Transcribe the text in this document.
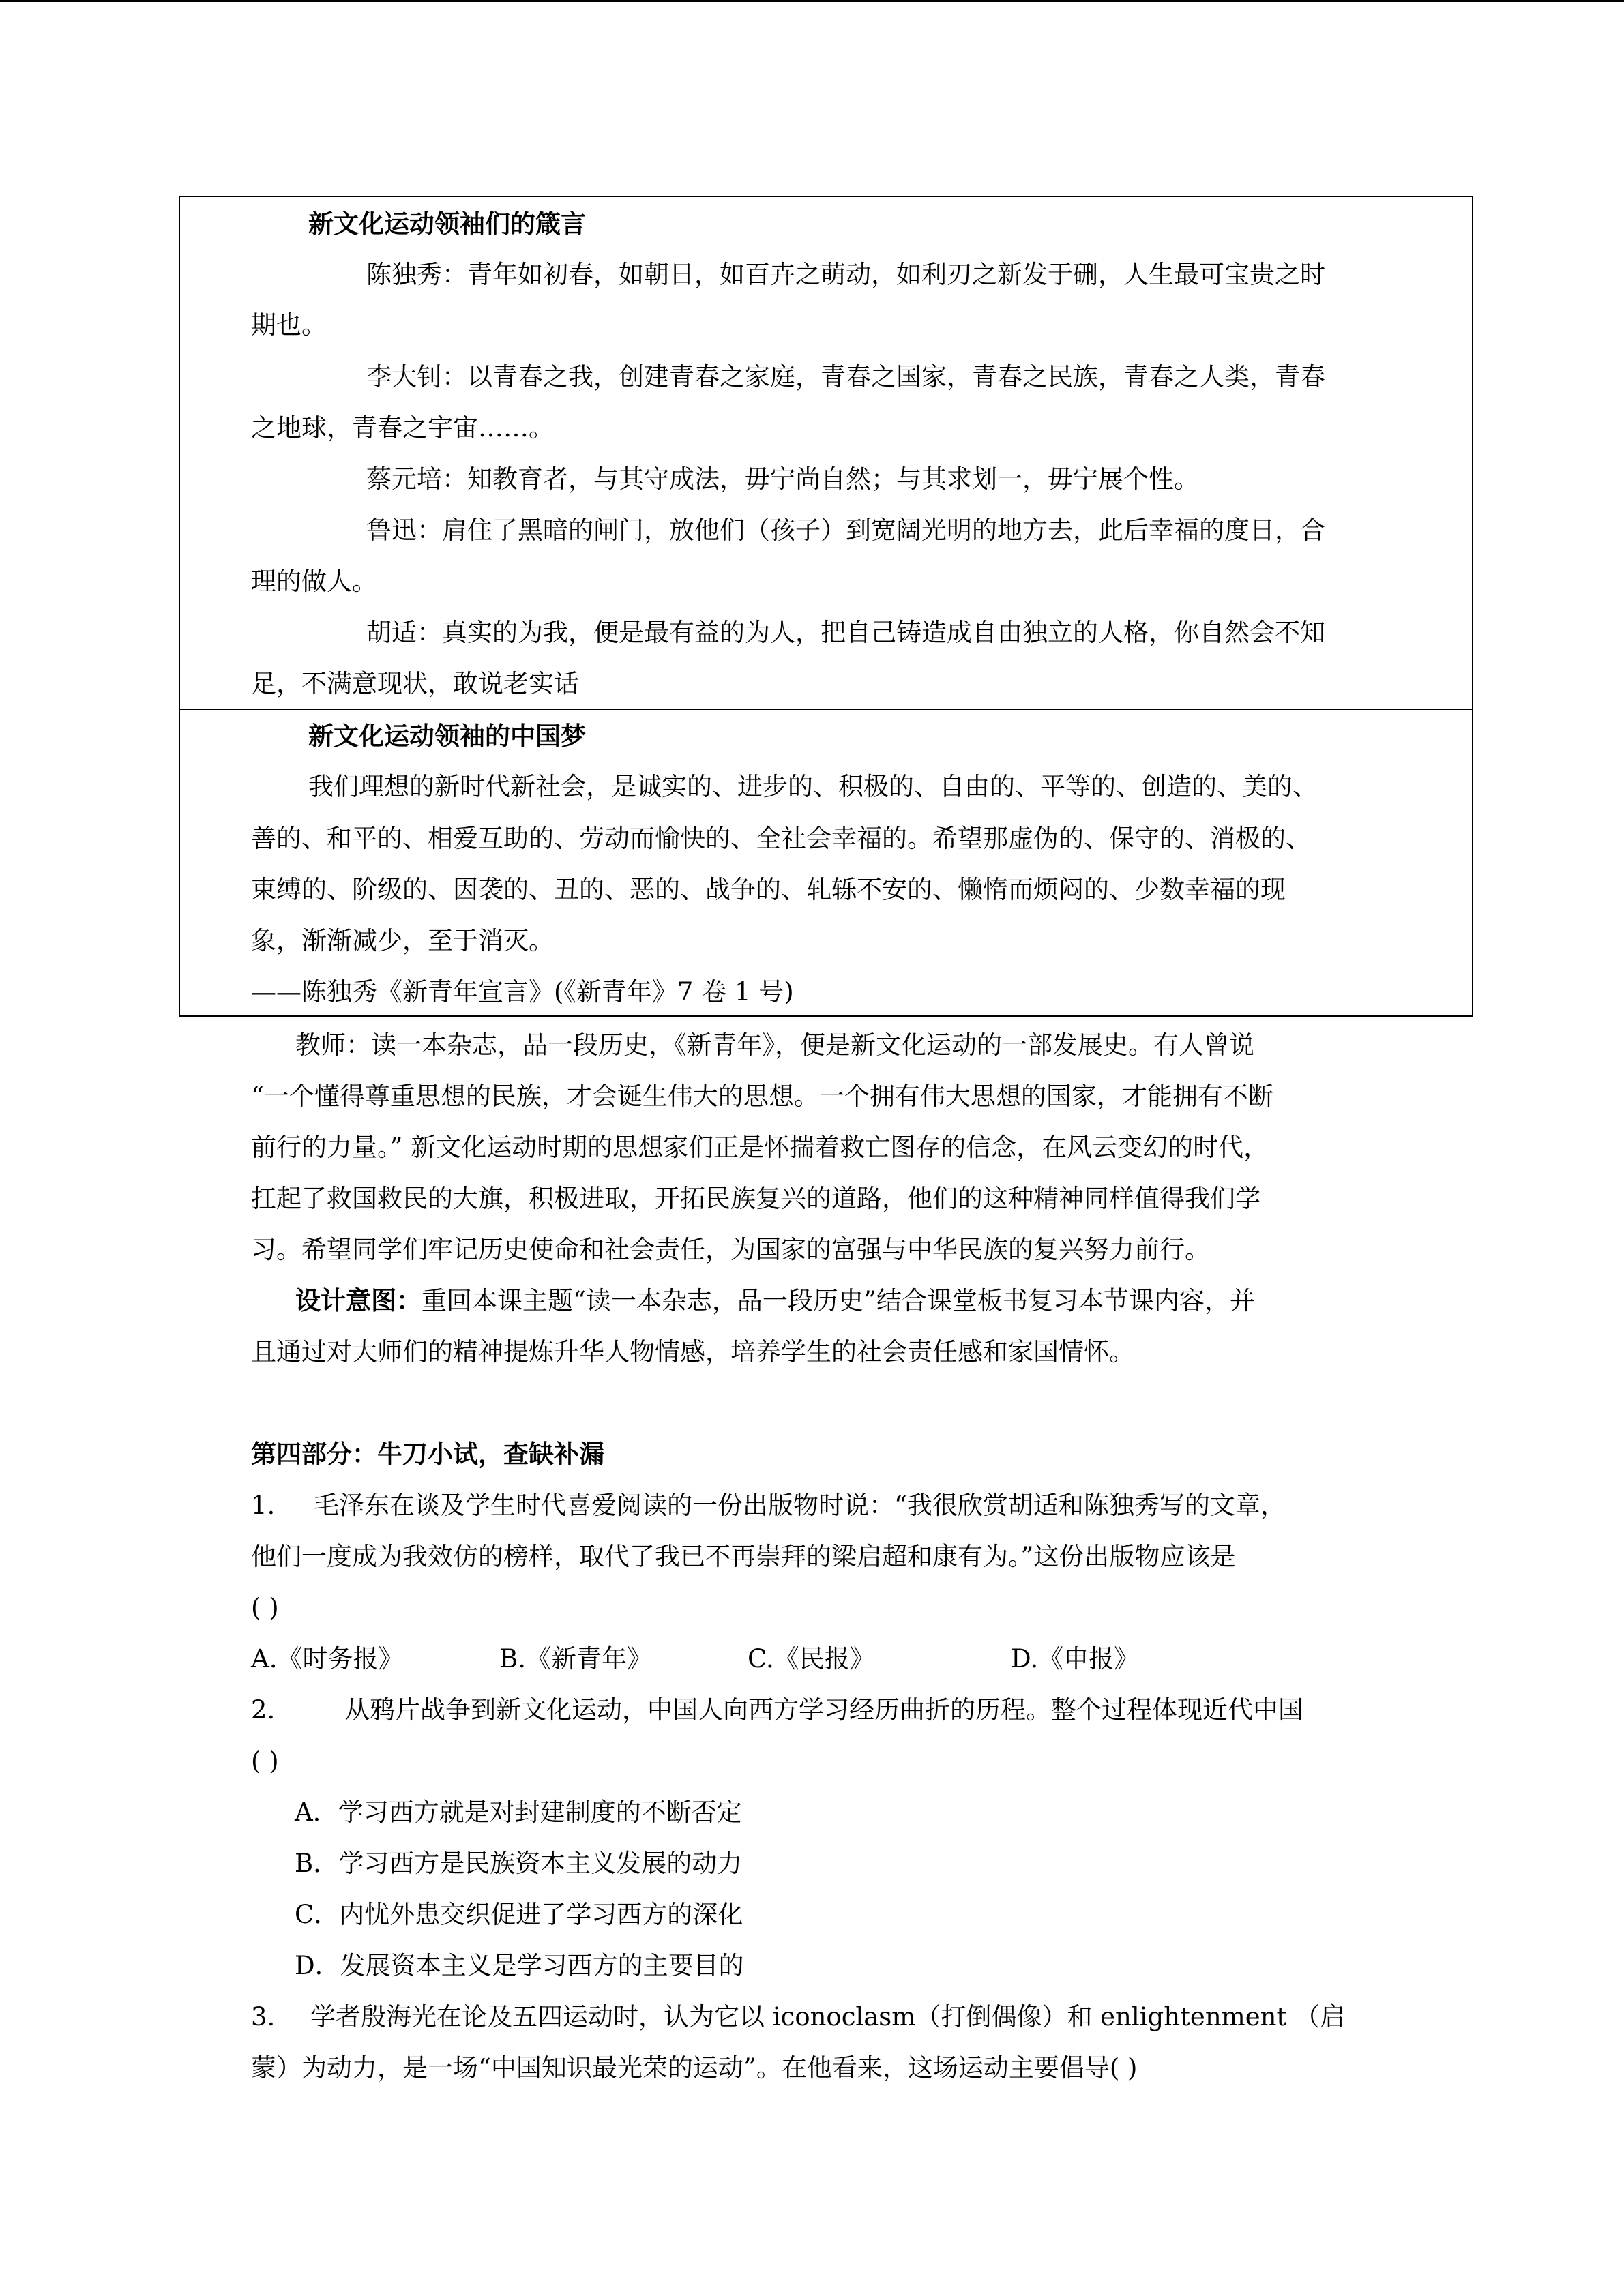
新文化运动领袖们的箴言
陈独秀：青年如初春，如朝日，如百卉之萌动，如利刃之新发于硎，人生最可宝贵之时
期也。
李大钊：以青春之我，创建青春之家庭，青春之国家，青春之民族，青春之人类，青春
之地球，青春之宇宙……。
蔡元培：知教育者，与其守成法，毋宁尚自然；与其求划一，毋宁展个性。
鲁迅：肩住了黑暗的闸门，放他们（孩子）到宽阔光明的地方去，此后幸福的度日，合
理的做人。
胡适：真实的为我，便是最有益的为人，把自己铸造成自由独立的人格，你自然会不知
足，不满意现状，敢说老实话
新文化运动领袖的中国梦
我们理想的新时代新社会，是诚实的、进步的、积极的、自由的、平等的、创造的、美的、
善的、和平的、相爱互助的、劳动而愉快的、全社会幸福的。希望那虚伪的、保守的、消极的、
束缚的、阶级的、因袭的、丑的、恶的、战争的、轧轹不安的、懒惰而烦闷的、少数幸福的现
象，渐渐减少，至于消灭。
——陈独秀《新青年宣言》(《新青年》7 卷 1 号)
教师：读一本杂志，品一段历史，《新青年》，便是新文化运动的一部发展史。有人曾说
“一个懂得尊重思想的民族，才会诞生伟大的思想。一个拥有伟大思想的国家，才能拥有不断
前行的力量。” 新文化运动时期的思想家们正是怀揣着救亡图存的信念，在风云变幻的时代，
扛起了救国救民的大旗，积极进取，开拓民族复兴的道路，他们的这种精神同样值得我们学
习。希望同学们牢记历史使命和社会责任，为国家的富强与中华民族的复兴努力前行。
设计意图：重回本课主题“读一本杂志，品一段历史”结合课堂板书复习本节课内容，并
且通过对大师们的精神提炼升华人物情感，培养学生的社会责任感和家国情怀。
第四部分：牛刀小试，查缺补漏
1. 毛泽东在谈及学生时代喜爱阅读的一份出版物时说：“我很欣赏胡适和陈独秀写的文章，
他们一度成为我效仿的榜样，取代了我已不再崇拜的梁启超和康有为。”这份出版物应该是
( )
A.《时务报》	B.《新青年》	C.《民报》	D.《申报》
2.	从鸦片战争到新文化运动，中国人向西方学习经历曲折的历程。整个过程体现近代中国
( )
A．学习西方就是对封建制度的不断否定
B．学习西方是民族资本主义发展的动力
C．内忧外患交织促进了学习西方的深化
D．发展资本主义是学习西方的主要目的
3. 学者殷海光在论及五四运动时，认为它以 iconoclasm（打倒偶像）和 enlightenment （启
蒙）为动力，是一场“中国知识最光荣的运动”。在他看来，这场运动主要倡导( )
